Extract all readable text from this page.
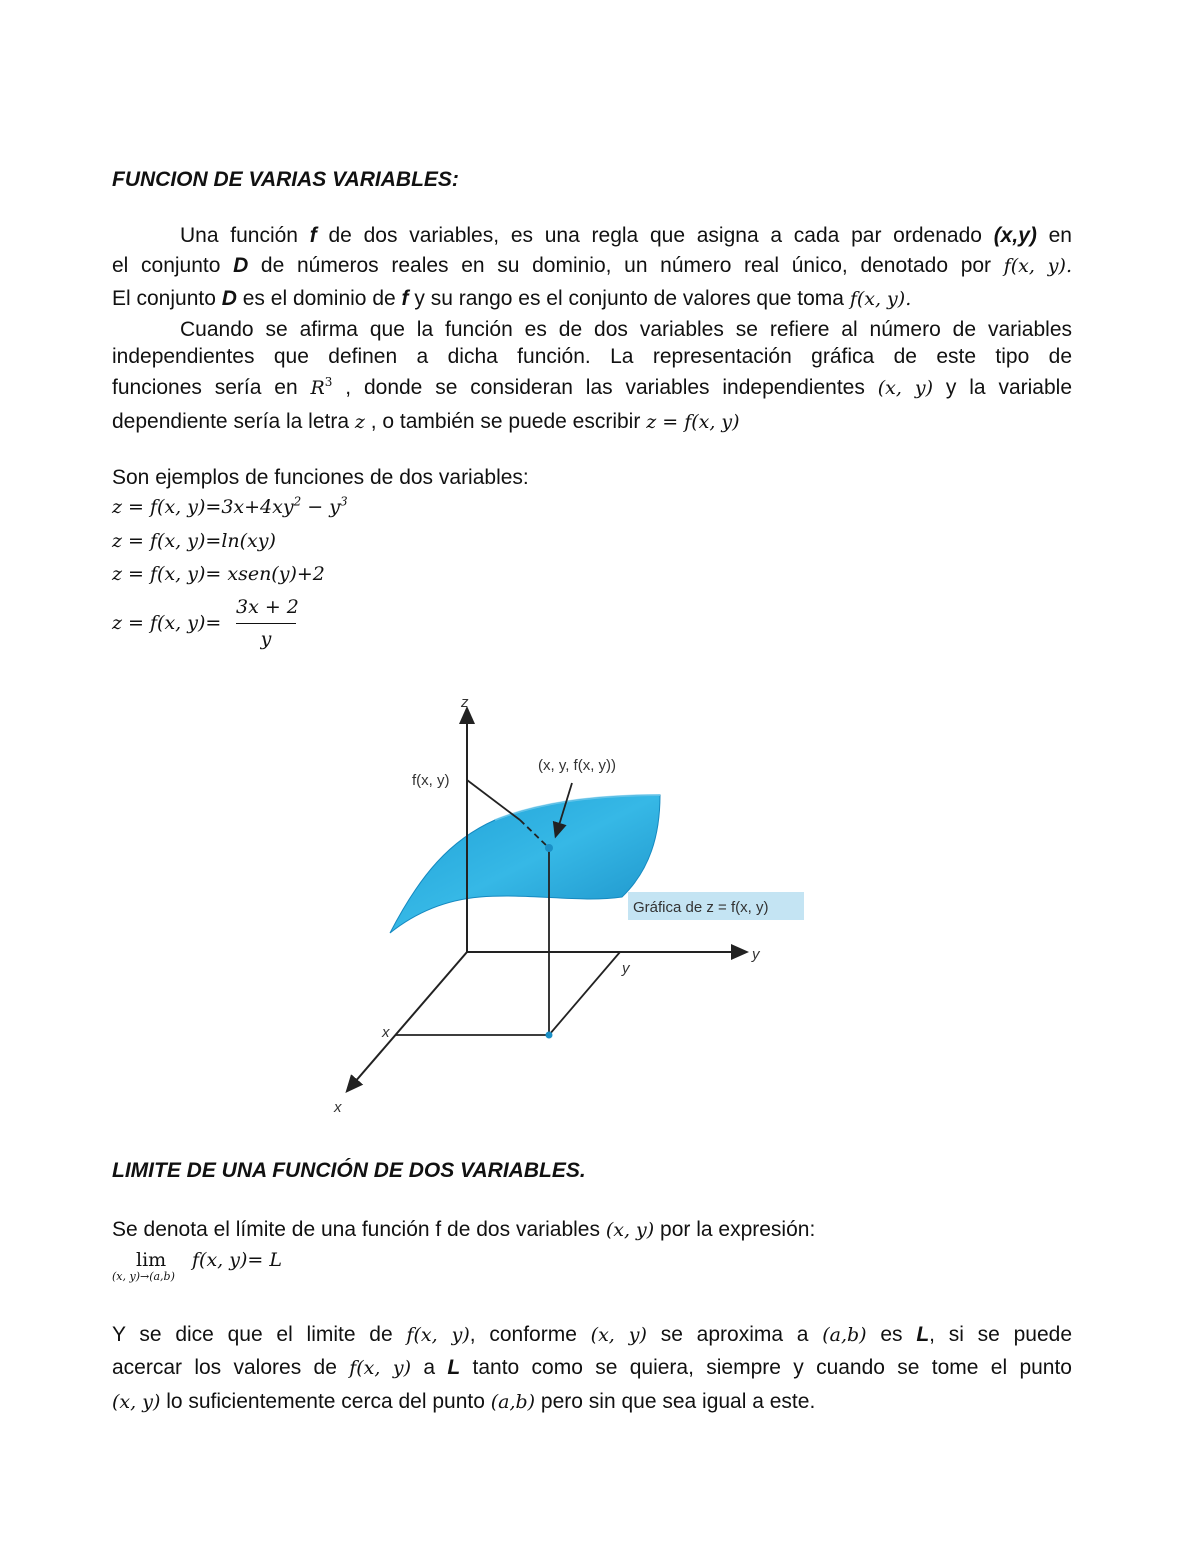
FUNCION DE VARIAS VARIABLES:
Una función f de dos variables, es una regla que asigna a cada par ordenado (x,y) en
el conjunto D de números reales en su dominio, un número real único, denotado por f(x, y).
El conjunto D es el dominio de f y su rango es el conjunto de valores que toma f(x, y).
Cuando se afirma que la función es de dos variables se refiere al número de variables
independientes que definen a dicha función. La representación gráfica de este tipo de
funciones sería en $R^3$ , donde se consideran las variables independientes (x, y) y la variable
dependiente sería la letra z , o también se puede escribir z = f(x, y)
Son ejemplos de funciones de dos variables:
z = f(x, $y)=3x+4xy^2 - y^3$
z = f(x, y)=ln(xy)
z = f(x, y)= xsen(y)+2
z = f(x, y)=
3x + 2
y
LIMITE DE UNA FUNCIÓN DE DOS VARIABLES.
Se denota el límite de una función f de dos variables (x, y) por la expresión:
lim
(x, y)→(a,b)
f(x, y)= L
Y se dice que el limite de f(x, y), conforme (x, y) se aproxima a (a,b) es L, si se puede
acercar los valores de f(x, y) a L tanto como se quiera, siempre y cuando se tome el punto
(x, y) lo suficientemente cerca del punto (a,b) pero sin que sea igual a este.
z
y
x
f(x, y)
(x, y, f(x, y))
y
x
Gráfica de z = f(x, y)
